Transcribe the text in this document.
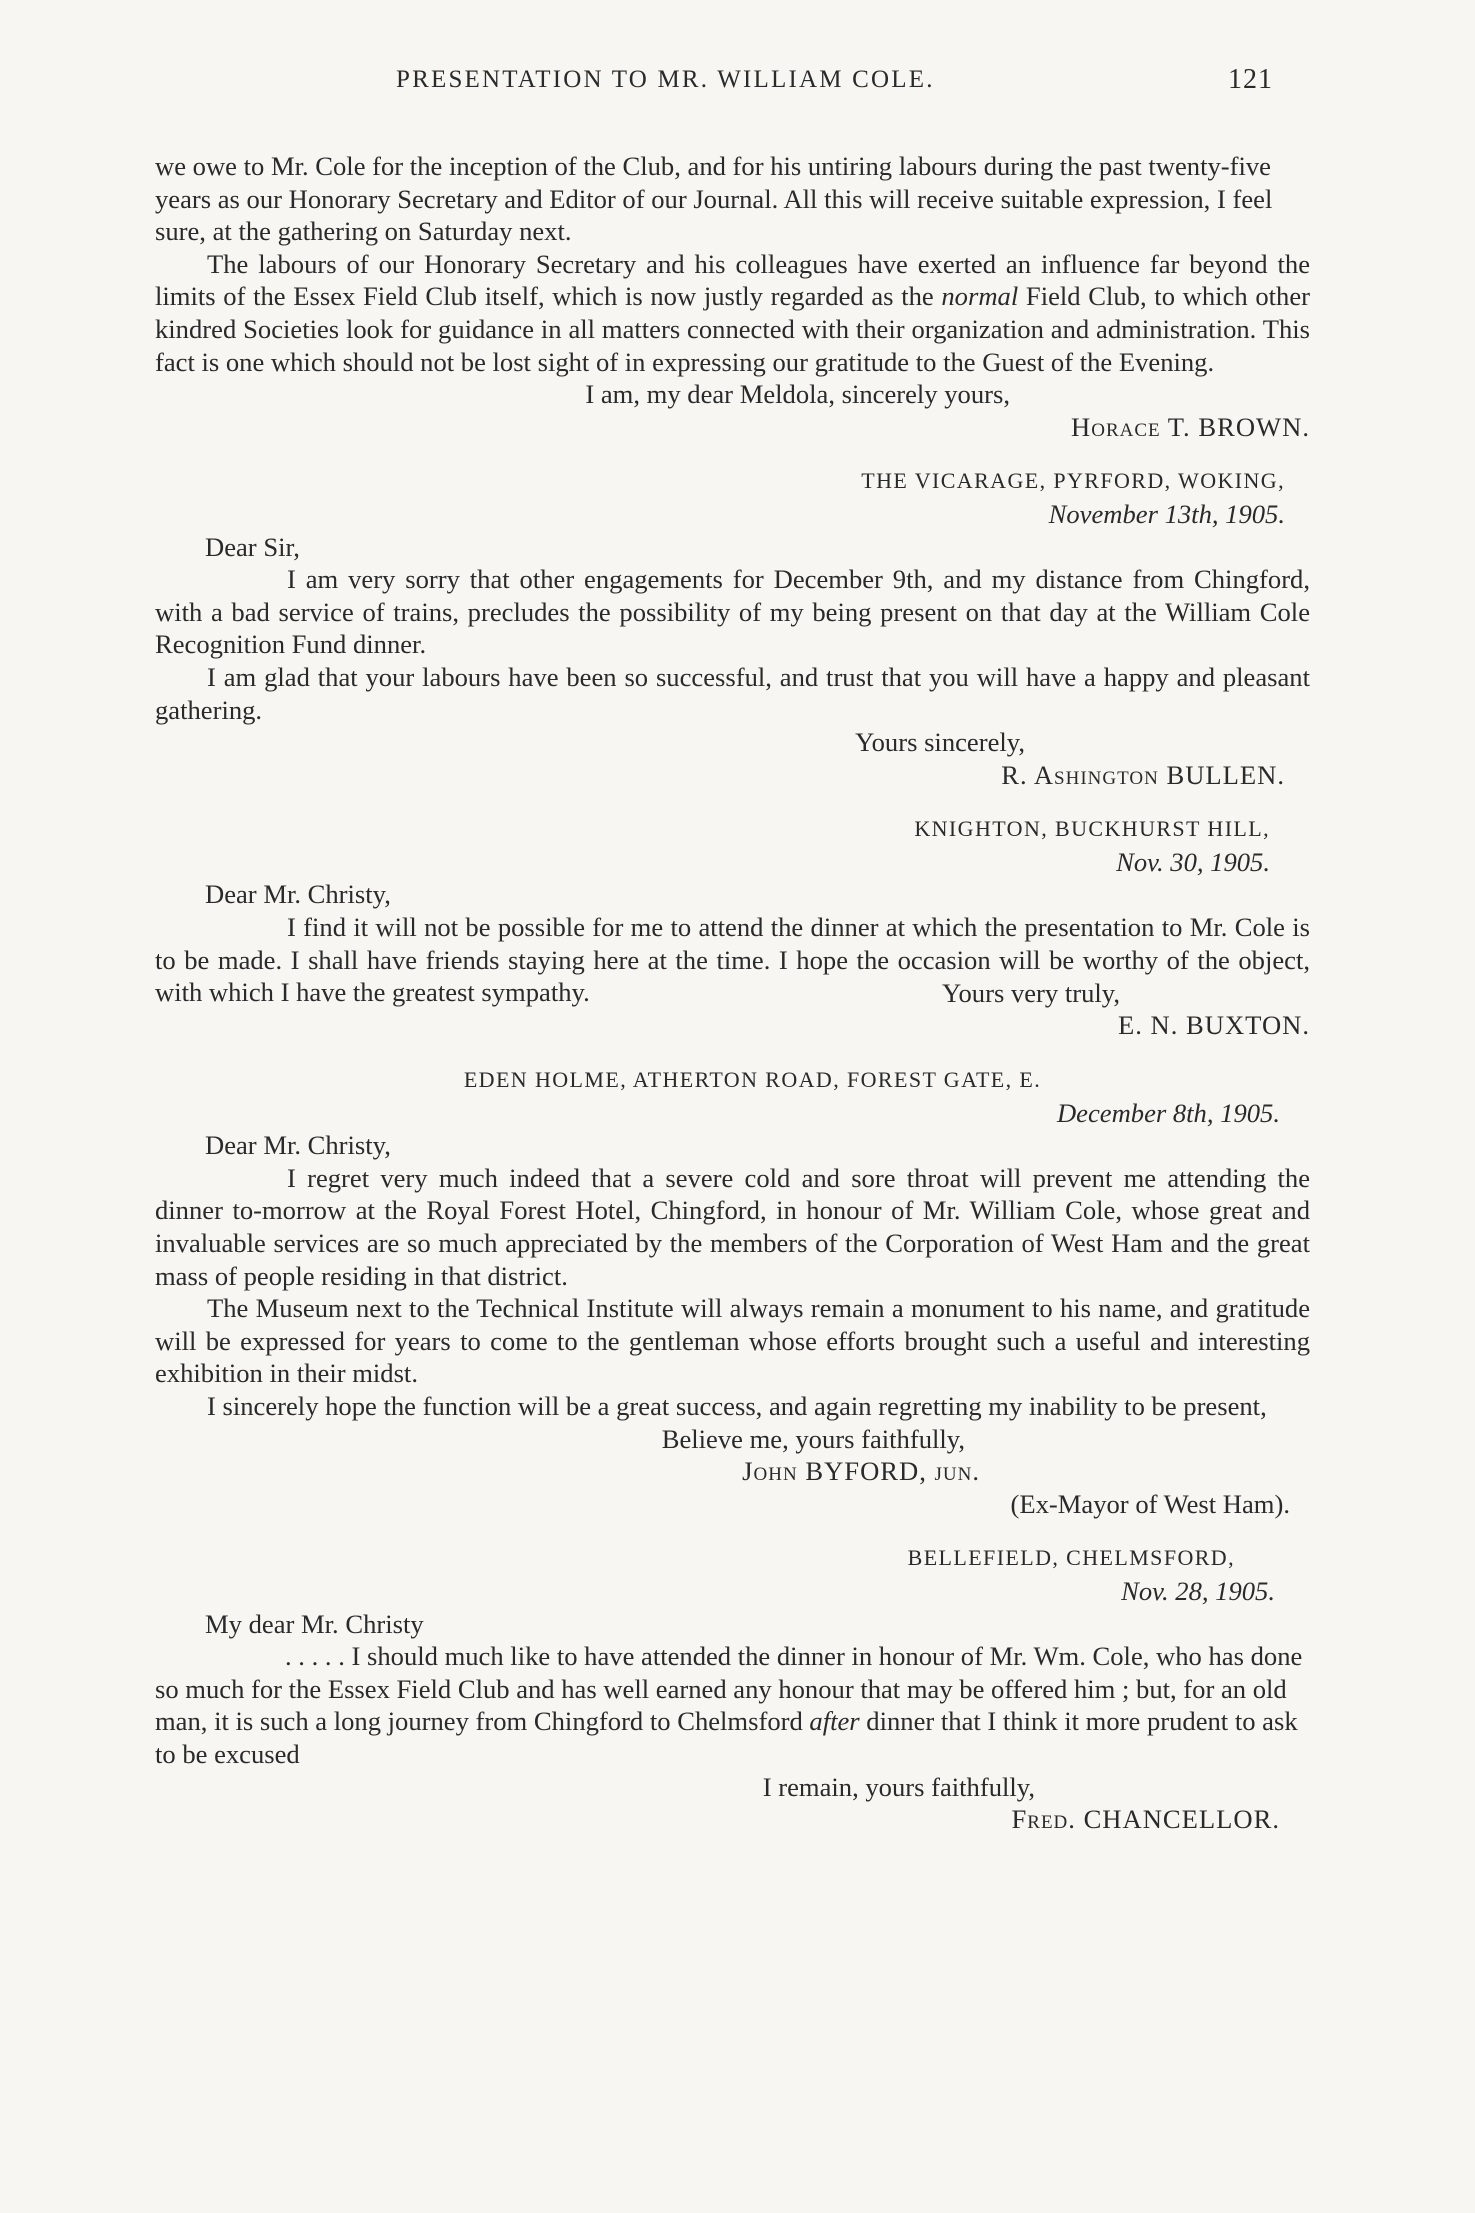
PRESENTATION TO MR. WILLIAM COLE.	121

we owe to Mr. Cole for the inception of the Club, and for his untiring labours during the past twenty-five years as our Honorary Secretary and Editor of our Journal. All this will receive suitable expression, I feel sure, at the gathering on Saturday next.

The labours of our Honorary Secretary and his colleagues have exerted an influence far beyond the limits of the Essex Field Club itself, which is now justly regarded as the normal Field Club, to which other kindred Societies look for guidance in all matters connected with their organization and administration. This fact is one which should not be lost sight of in expressing our gratitude to the Guest of the Evening.

I am, my dear Meldola, sincerely yours,

Horace T. BROWN.

THE VICARAGE, PYRFORD, WOKING,

November 13th, 1905.

Dear Sir,

I am very sorry that other engagements for December 9th, and my distance from Chingford, with a bad service of trains, precludes the possibility of my being present on that day at the William Cole Recognition Fund dinner.

I am glad that your labours have been so successful, and trust that you will have a happy and pleasant gathering.

Yours sincerely,

R. Ashington BULLEN.

KNIGHTON, BUCKHURST HILL,

Nov. 30, 1905.

Dear Mr. Christy,

I find it will not be possible for me to attend the dinner at which the presentation to Mr. Cole is to be made. I shall have friends staying here at the time. I hope the occasion will be worthy of the object, with which I have the greatest sympathy.	Yours very truly,

E. N. BUXTON.

EDEN HOLME, ATHERTON ROAD, FOREST GATE, E.

December 8th, 1905.

Dear Mr. Christy,

I regret very much indeed that a severe cold and sore throat will prevent me attending the dinner to-morrow at the Royal Forest Hotel, Chingford, in honour of Mr. William Cole, whose great and invaluable services are so much appreciated by the members of the Corporation of West Ham and the great mass of people residing in that district.

The Museum next to the Technical Institute will always remain a monument to his name, and gratitude will be expressed for years to come to the gentleman whose efforts brought such a useful and interesting exhibition in their midst.

I sincerely hope the function will be a great success, and again regretting my inability to be present,

Believe me, yours faithfully,

John BYFORD, jun.

(Ex-Mayor of West Ham).

BELLEFIELD, CHELMSFORD,

Nov. 28, 1905.

My dear Mr. Christy

. . . . . I should much like to have attended the dinner in honour of Mr. Wm. Cole, who has done so much for the Essex Field Club and has well earned any honour that may be offered him ; but, for an old man, it is such a long journey from Chingford to Chelmsford after dinner that I think it more prudent to ask to be excused

I remain, yours faithfully,

Fred. CHANCELLOR.
